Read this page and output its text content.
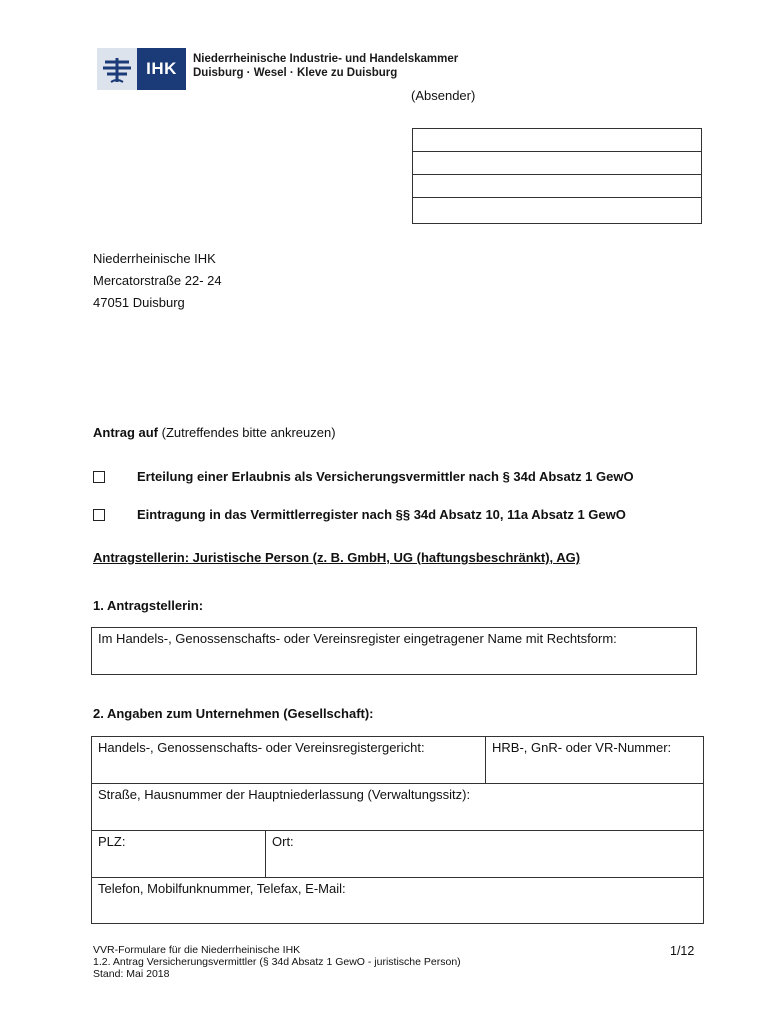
IHK	Niederrheinische Industrie- und Handelskammer
Duisburg · Wesel · Kleve zu Duisburg
(Absender)
Niederrheinische IHK
Mercatorstraße 22- 24
47051 Duisburg
Antrag auf (Zutreffendes bitte ankreuzen)
Erteilung einer Erlaubnis als Versicherungsvermittler nach § 34d Absatz 1 GewO
Eintragung in das Vermittlerregister nach §§ 34d Absatz 10, 11a Absatz 1 GewO
Antragstellerin: Juristische Person (z. B. GmbH, UG (haftungsbeschränkt), AG)
1. Antragstellerin:
Im Handels-, Genossenschafts- oder Vereinsregister eingetragener Name mit Rechtsform:
2. Angaben zum Unternehmen (Gesellschaft):
Handels-, Genossenschafts- oder Vereinsregistergericht:	HRB-, GnR- oder VR-Nummer:
Straße, Hausnummer der Hauptniederlassung (Verwaltungssitz):
PLZ:	Ort:
Telefon, Mobilfunknummer, Telefax, E-Mail:
VVR-Formulare für die Niederrheinische IHK
1.2. Antrag Versicherungsvermittler (§ 34d Absatz 1 GewO - juristische Person)
Stand: Mai 2018
1/12
